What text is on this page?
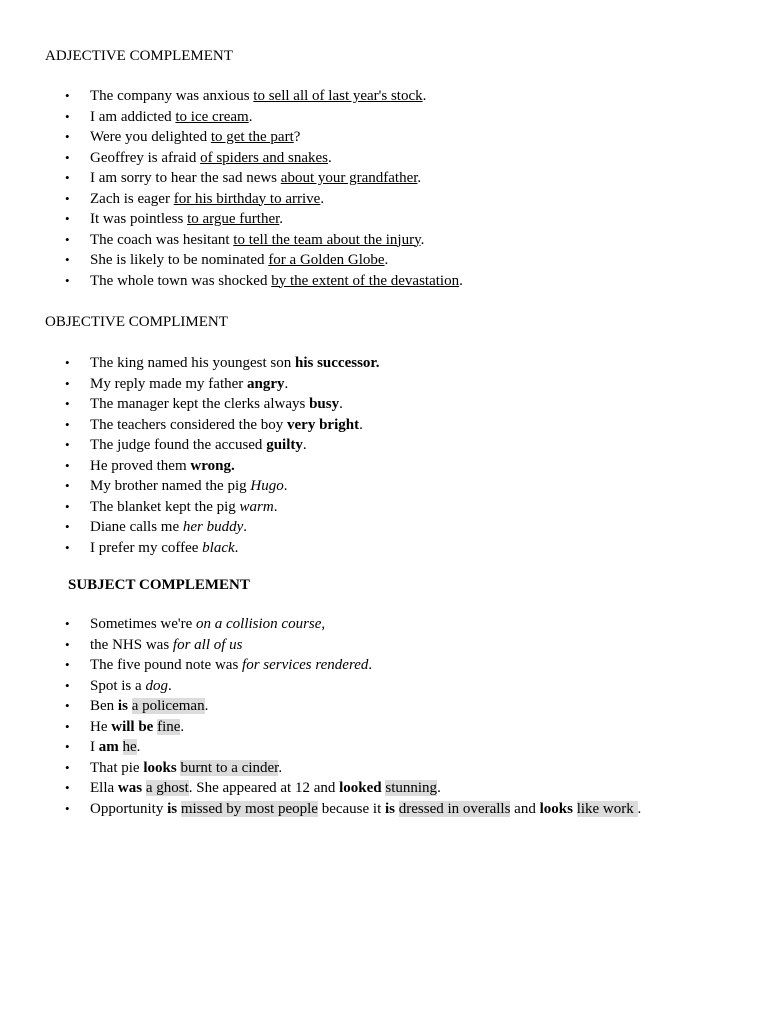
ADJECTIVE COMPLEMENT
• The company was anxious to sell all of last year's stock.
• I am addicted to ice cream.
• Were you delighted to get the part?
• Geoffrey is afraid of spiders and snakes.
• I am sorry to hear the sad news about your grandfather.
• Zach is eager for his birthday to arrive.
• It was pointless to argue further.
• The coach was hesitant to tell the team about the injury.
• She is likely to be nominated for a Golden Globe.
• The whole town was shocked by the extent of the devastation.
OBJECTIVE COMPLIMENT
• The king named his youngest son his successor.
• My reply made my father angry.
• The manager kept the clerks always busy.
• The teachers considered the boy very bright.
• The judge found the accused guilty.
• He proved them wrong.
• My brother named the pig Hugo.
• The blanket kept the pig warm.
• Diane calls me her buddy.
• I prefer my coffee black.
SUBJECT COMPLEMENT
• Sometimes we're on a collision course,
• the NHS was for all of us
• The five pound note was for services rendered.
• Spot is a dog.
• Ben is a policeman.
• He will be fine.
• I am he.
• That pie looks burnt to a cinder.
• Ella was a ghost. She appeared at 12 and looked stunning.
• Opportunity is missed by most people because it is dressed in overalls and looks like work .
